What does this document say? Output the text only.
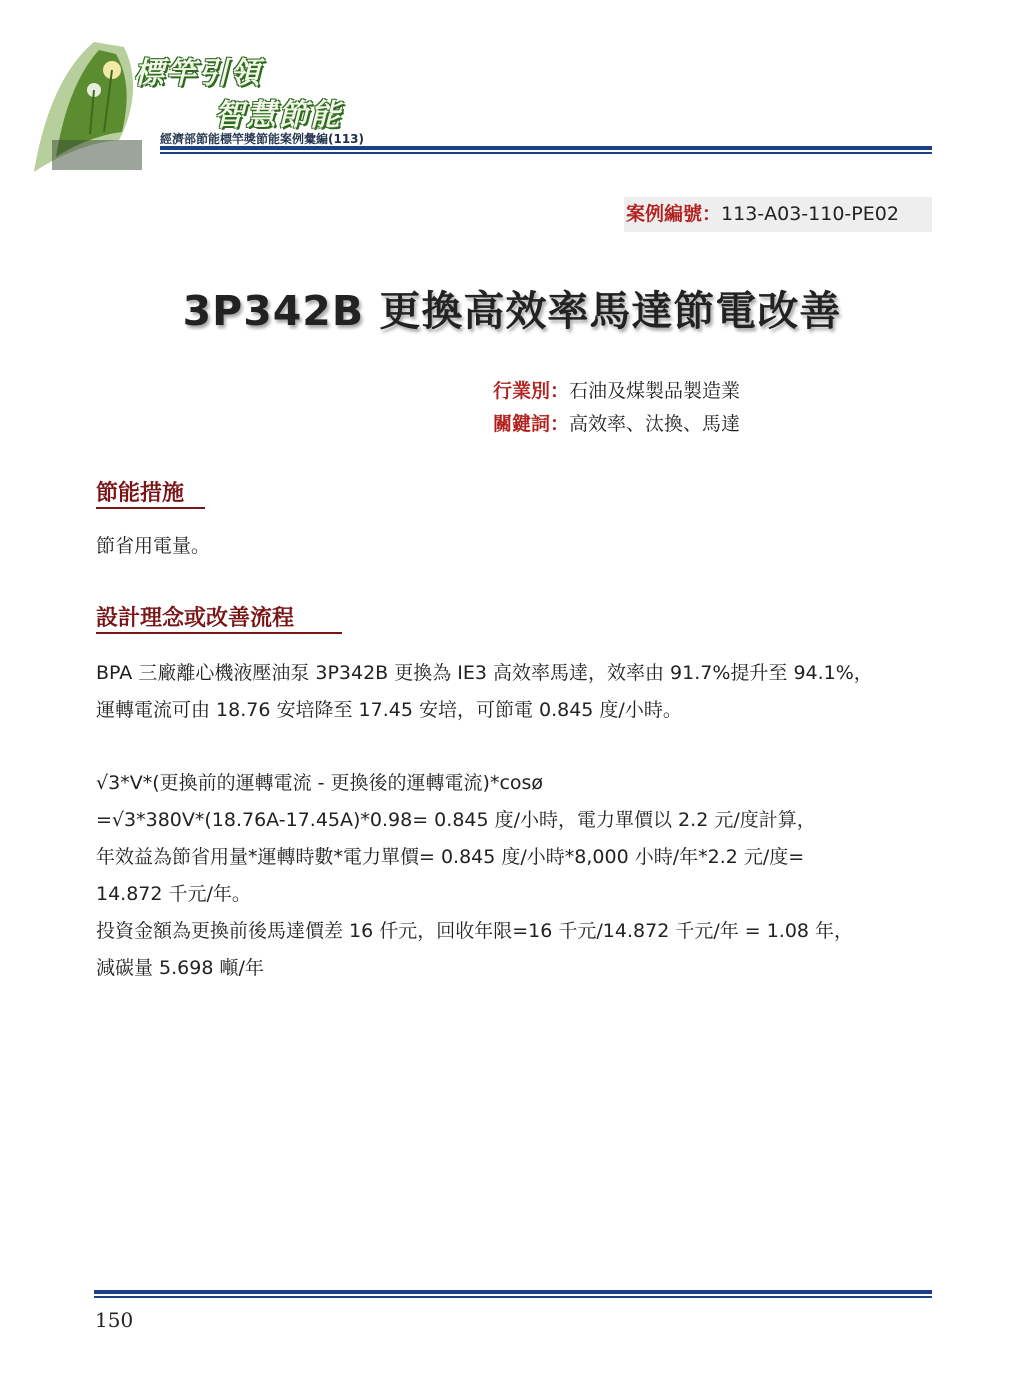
標竿引領
智慧節能
經濟部節能標竿獎節能案例彙編(113)
案例編號：113-A03-110-PE02
3P342B 更換高效率馬達節電改善
行業別：石油及煤製品製造業
關鍵詞：高效率、汰換、馬達
節能措施
節省用電量。
設計理念或改善流程
BPA 三廠離心機液壓油泵 3P342B 更換為 IE3 高效率馬達，效率由 91.7%提升至 94.1%，
運轉電流可由 18.76 安培降至 17.45 安培，可節電 0.845 度/小時。
√3*V*(更換前的運轉電流 - 更換後的運轉電流)*cosø
=√3*380V*(18.76A-17.45A)*0.98= 0.845 度/小時，電力單價以 2.2 元/度計算，
年效益為節省用量*運轉時數*電力單價= 0.845 度/小時*8,000 小時/年*2.2 元/度=
14.872 千元/年。
投資金額為更換前後馬達價差 16 仟元，回收年限=16 千元/14.872 千元/年 = 1.08 年，
減碳量 5.698 噸/年
150
